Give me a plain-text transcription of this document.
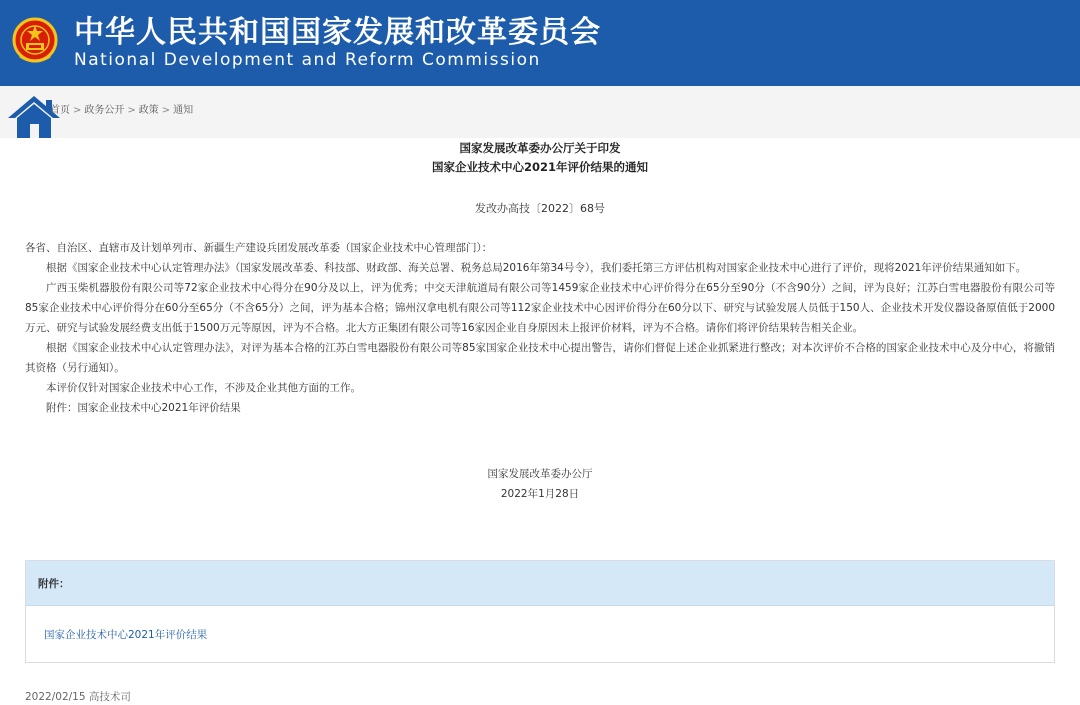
中华人民共和国国家发展和改革委员会
National Development and Reform Commission
首页 > 政务公开 > 政策 > 通知
国家发展改革委办公厅关于印发
国家企业技术中心2021年评价结果的通知
发改办高技〔2022〕68号

各省、自治区、直辖市及计划单列市、新疆生产建设兵团发展改革委（国家企业技术中心管理部门）：

根据《国家企业技术中心认定管理办法》（国家发展改革委、科技部、财政部、海关总署、税务总局2016年第34号令），我们委托第三方评估机构对国家企业技术中心进行了评价，现将2021年评价结果通知如下。

广西玉柴机器股份有限公司等72家企业技术中心得分在90分及以上，评为优秀；中交天津航道局有限公司等1459家企业技术中心评价得分在65分至90分（不含90分）之间，评为良好；江苏白雪电器股份有限公司等85家企业技术中心评价得分在60分至65分（不含65分）之间，评为基本合格；锦州汉拿电机有限公司等112家企业技术中心因评价得分在60分以下、研究与试验发展人员低于150人、企业技术开发仪器设备原值低于2000万元、研究与试验发展经费支出低于1500万元等原因，评为不合格。北大方正集团有限公司等16家因企业自身原因未上报评价材料，评为不合格。请你们将评价结果转告相关企业。

根据《国家企业技术中心认定管理办法》，对评为基本合格的江苏白雪电器股份有限公司等85家国家企业技术中心提出警告，请你们督促上述企业抓紧进行整改；对本次评价不合格的国家企业技术中心及分中心，将撤销其资格（另行通知）。

本评价仅针对国家企业技术中心工作，不涉及企业其他方面的工作。

附件：国家企业技术中心2021年评价结果

国家发展改革委办公厅
2022年1月28日
附件：
国家企业技术中心2021年评价结果
2022/02/15 高技术司
